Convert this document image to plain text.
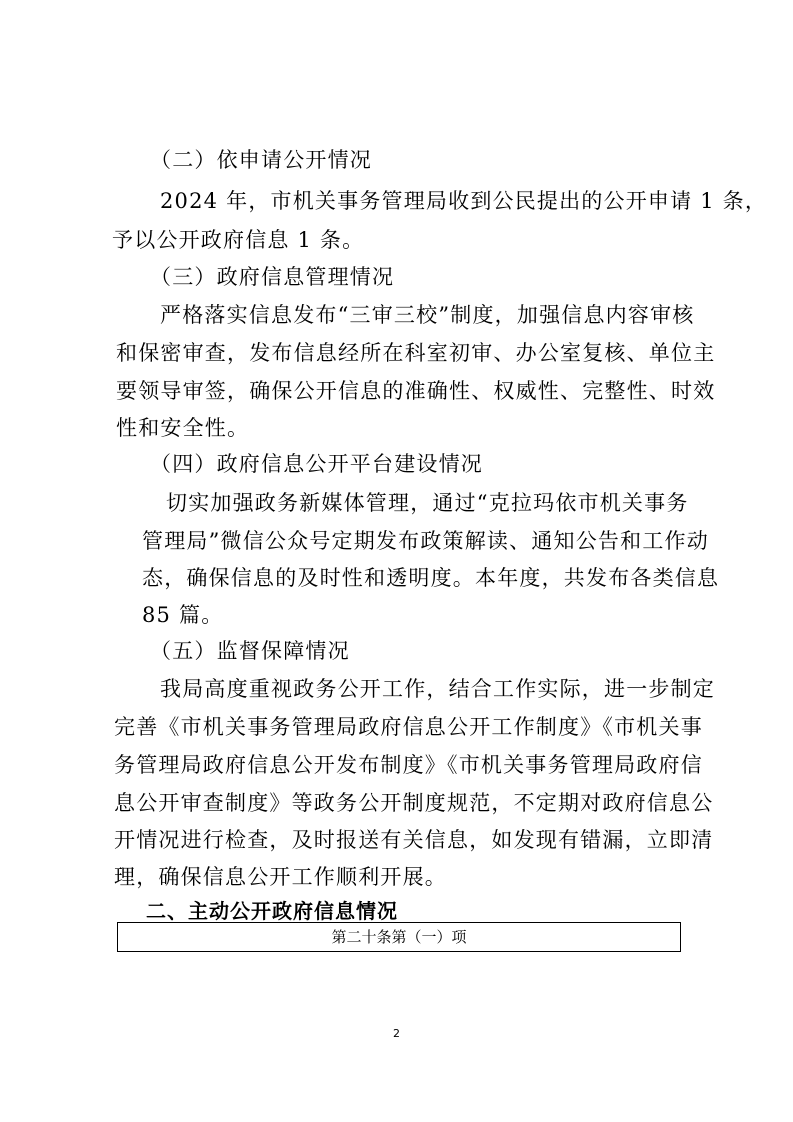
（二）依申请公开情况
2024 年，市机关事务管理局收到公民提出的公开申请 1 条，
予以公开政府信息 1 条。
（三）政府信息管理情况
严格落实信息发布“三审三校”制度，加强信息内容审核
和保密审查，发布信息经所在科室初审、办公室复核、单位主
要领导审签，确保公开信息的准确性、权威性、完整性、时效
性和安全性。
（四）政府信息公开平台建设情况
切实加强政务新媒体管理，通过“克拉玛依市机关事务
管理局”微信公众号定期发布政策解读、通知公告和工作动
态，确保信息的及时性和透明度。本年度，共发布各类信息
85 篇。
（五）监督保障情况
我局高度重视政务公开工作，结合工作实际，进一步制定
完善《市机关事务管理局政府信息公开工作制度》《市机关事
务管理局政府信息公开发布制度》《市机关事务管理局政府信
息公开审查制度》等政务公开制度规范，不定期对政府信息公
开情况进行检查，及时报送有关信息，如发现有错漏，立即清
理，确保信息公开工作顺利开展。
二、主动公开政府信息情况
第二十条第（一）项
2
